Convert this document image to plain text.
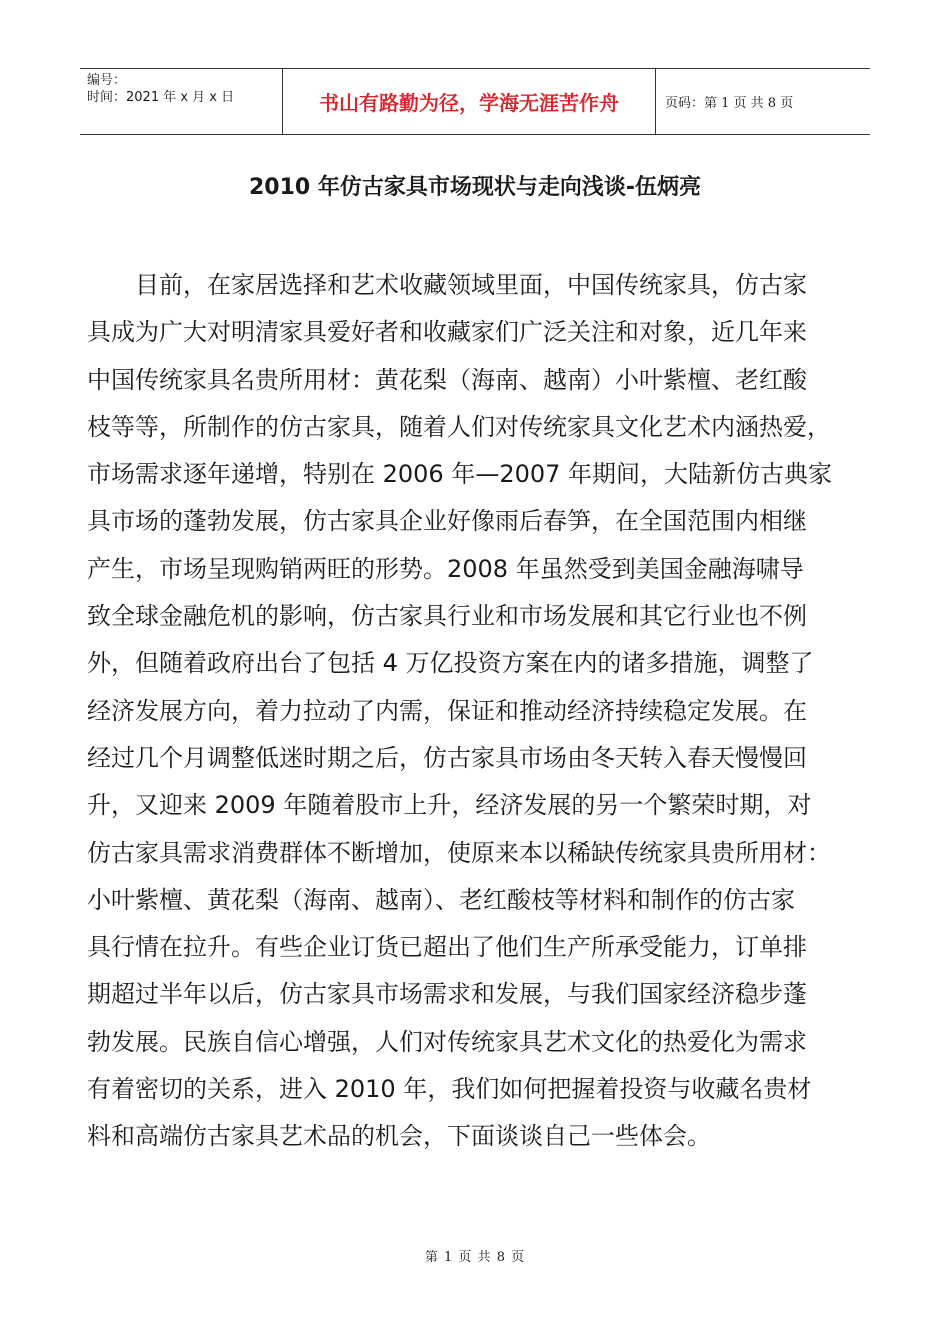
编号：
时间：2021 年 x 月 x 日	书山有路勤为径，学海无涯苦作舟	页码：第 1 页 共 8 页
2010 年仿古家具市场现状与走向浅谈-伍炳亮
　　目前，在家居选择和艺术收藏领域里面，中国传统家具，仿古家
具成为广大对明清家具爱好者和收藏家们广泛关注和对象，近几年来
中国传统家具名贵所用材：黄花梨（海南、越南）小叶紫檀、老红酸
枝等等，所制作的仿古家具，随着人们对传统家具文化艺术内涵热爱，
市场需求逐年递增，特别在 2006 年—2007 年期间，大陆新仿古典家
具市场的蓬勃发展，仿古家具企业好像雨后春笋，在全国范围内相继
产生，市场呈现购销两旺的形势。2008 年虽然受到美国金融海啸导
致全球金融危机的影响，仿古家具行业和市场发展和其它行业也不例
外，但随着政府出台了包括 4 万亿投资方案在内的诸多措施，调整了
经济发展方向，着力拉动了内需，保证和推动经济持续稳定发展。在
经过几个月调整低迷时期之后，仿古家具市场由冬天转入春天慢慢回
升，又迎来 2009 年随着股市上升，经济发展的另一个繁荣时期，对
仿古家具需求消费群体不断增加，使原来本以稀缺传统家具贵所用材：
小叶紫檀、黄花梨（海南、越南）、老红酸枝等材料和制作的仿古家
具行情在拉升。有些企业订货已超出了他们生产所承受能力，订单排
期超过半年以后，仿古家具市场需求和发展，与我们国家经济稳步蓬
勃发展。民族自信心增强，人们对传统家具艺术文化的热爱化为需求
有着密切的关系，进入 2010 年，我们如何把握着投资与收藏名贵材
料和高端仿古家具艺术品的机会，下面谈谈自己一些体会。
第 1 页 共 8 页
